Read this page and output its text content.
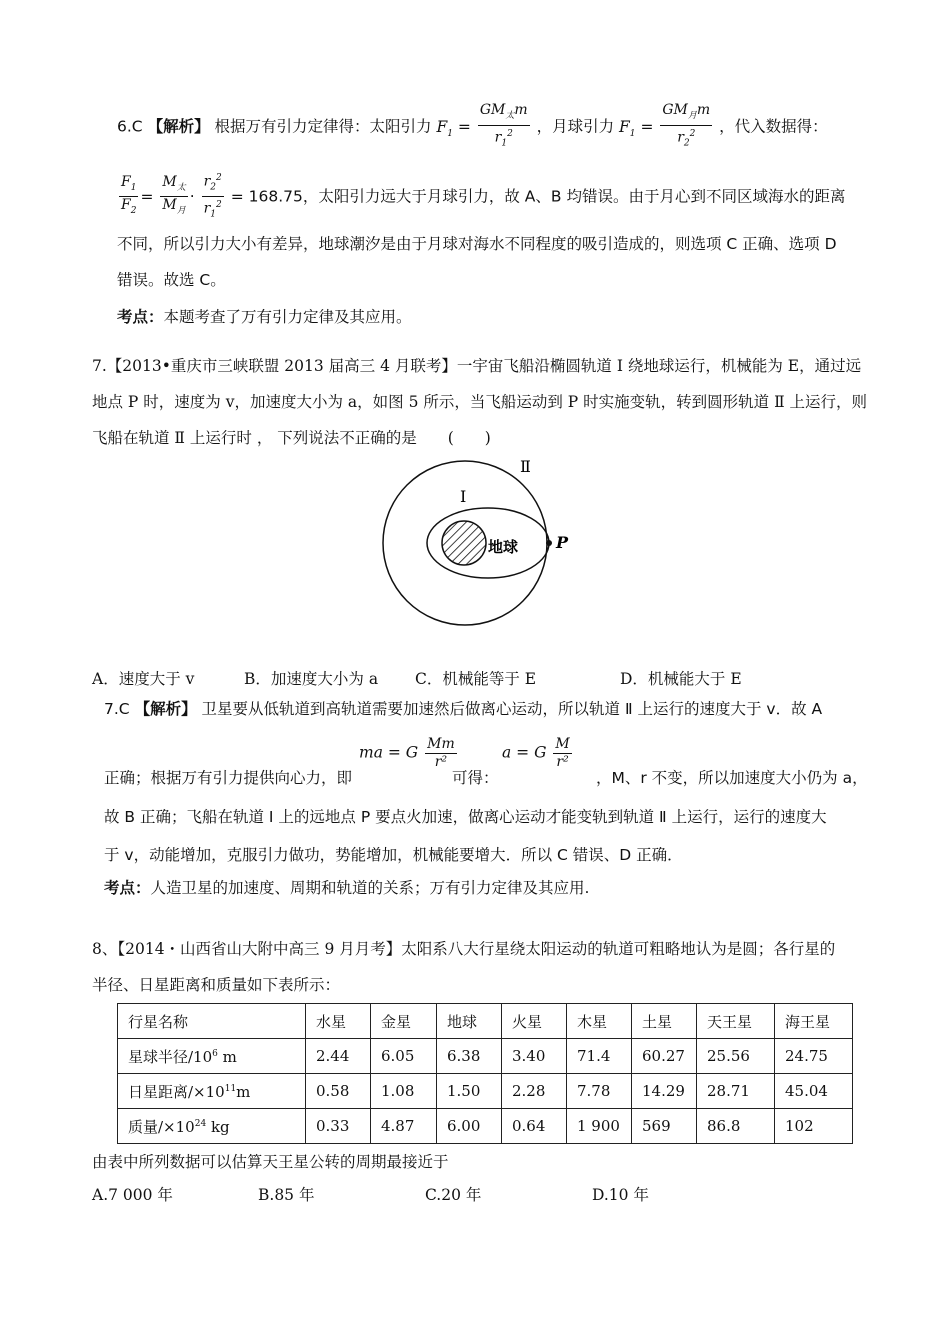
6.C 【解析】 根据万有引力定律得：太阳引力 $F_1 = \frac{GM_太m}{r_1^2}$ ，月球引力 $F_1 = \frac{GM_月m}{r_2^2}$ ，代入数据得：
$\frac{F_1}{F_2} = \frac{M_太}{M_月} \cdot \frac{r_2^2}{r_1^2} = 168.75$，太阳引力远大于月球引力，故 A、B 均错误。由于月心到不同区域海水的距离
不同，所以引力大小有差异，地球潮汐是由于月球对海水不同程度的吸引造成的，则选项 C 正确、选项 D
错误。故选 C。
考点：本题考查了万有引力定律及其应用。
7.【2013•重庆市三峡联盟 2013 届高三 4 月联考】一宇宙飞船沿椭圆轨道 Ⅰ 绕地球运行，机械能为 E，通过远
地点 P 时，速度为 v，加速度大小为 a，如图 5 所示，当飞船运动到 P 时实施变轨，转到圆形轨道 Ⅱ 上运行，则
飞船在轨道 Ⅱ 上运行时 ， 下列说法不正确的是　　(　　)
Ⅱ
Ⅰ
地球 P
A．速度大于 v	B．加速度大小为 a C．机械能等于 E	D．机械能大于 E
7.C 【解析】 卫星要从低轨道到高轨道需要加速然后做离心运动，所以轨道 Ⅱ 上运行的速度大于 v．故 A
ma = G $\frac{Mm}{\text{r²}}$	a = G $\frac{M}{\text{r²}}$
正确；根据万有引力提供向心力，即	可得：	，M、r 不变，所以加速度大小仍为 a，
故 B 正确；飞船在轨道 Ⅰ 上的远地点 P 要点火加速，做离心运动才能变轨到轨道 Ⅱ 上运行，运行的速度大
于 v，动能增加，克服引力做功，势能增加，机械能要增大．所以 C 错误、D 正确．
考点：人造卫星的加速度、周期和轨道的关系；万有引力定律及其应用.
8、【2014・山西省山大附中高三 9 月月考】太阳系八大行星绕太阳运动的轨道可粗略地认为是圆；各行星的
半径、日星距离和质量如下表所示：
行星名称	水星	金星	地球	火星	木星	土星	天王星	海王星
星球半径$/10^6$ m	2.44	6.05	6.38	3.40	71.4	60.27	25.56	24.75
日星距离$/\times 10^{11}m$	0.58	1.08	1.50	2.28	7.78	14.29	28.71	45.04
质量$/\times 10^{24}$ kg	0.33	4.87	6.00	0.64	1 900	569	86.8	102
由表中所列数据可以估算天王星公转的周期最接近于
A.7 000 年	B.85 年	C.20 年	D.10 年
